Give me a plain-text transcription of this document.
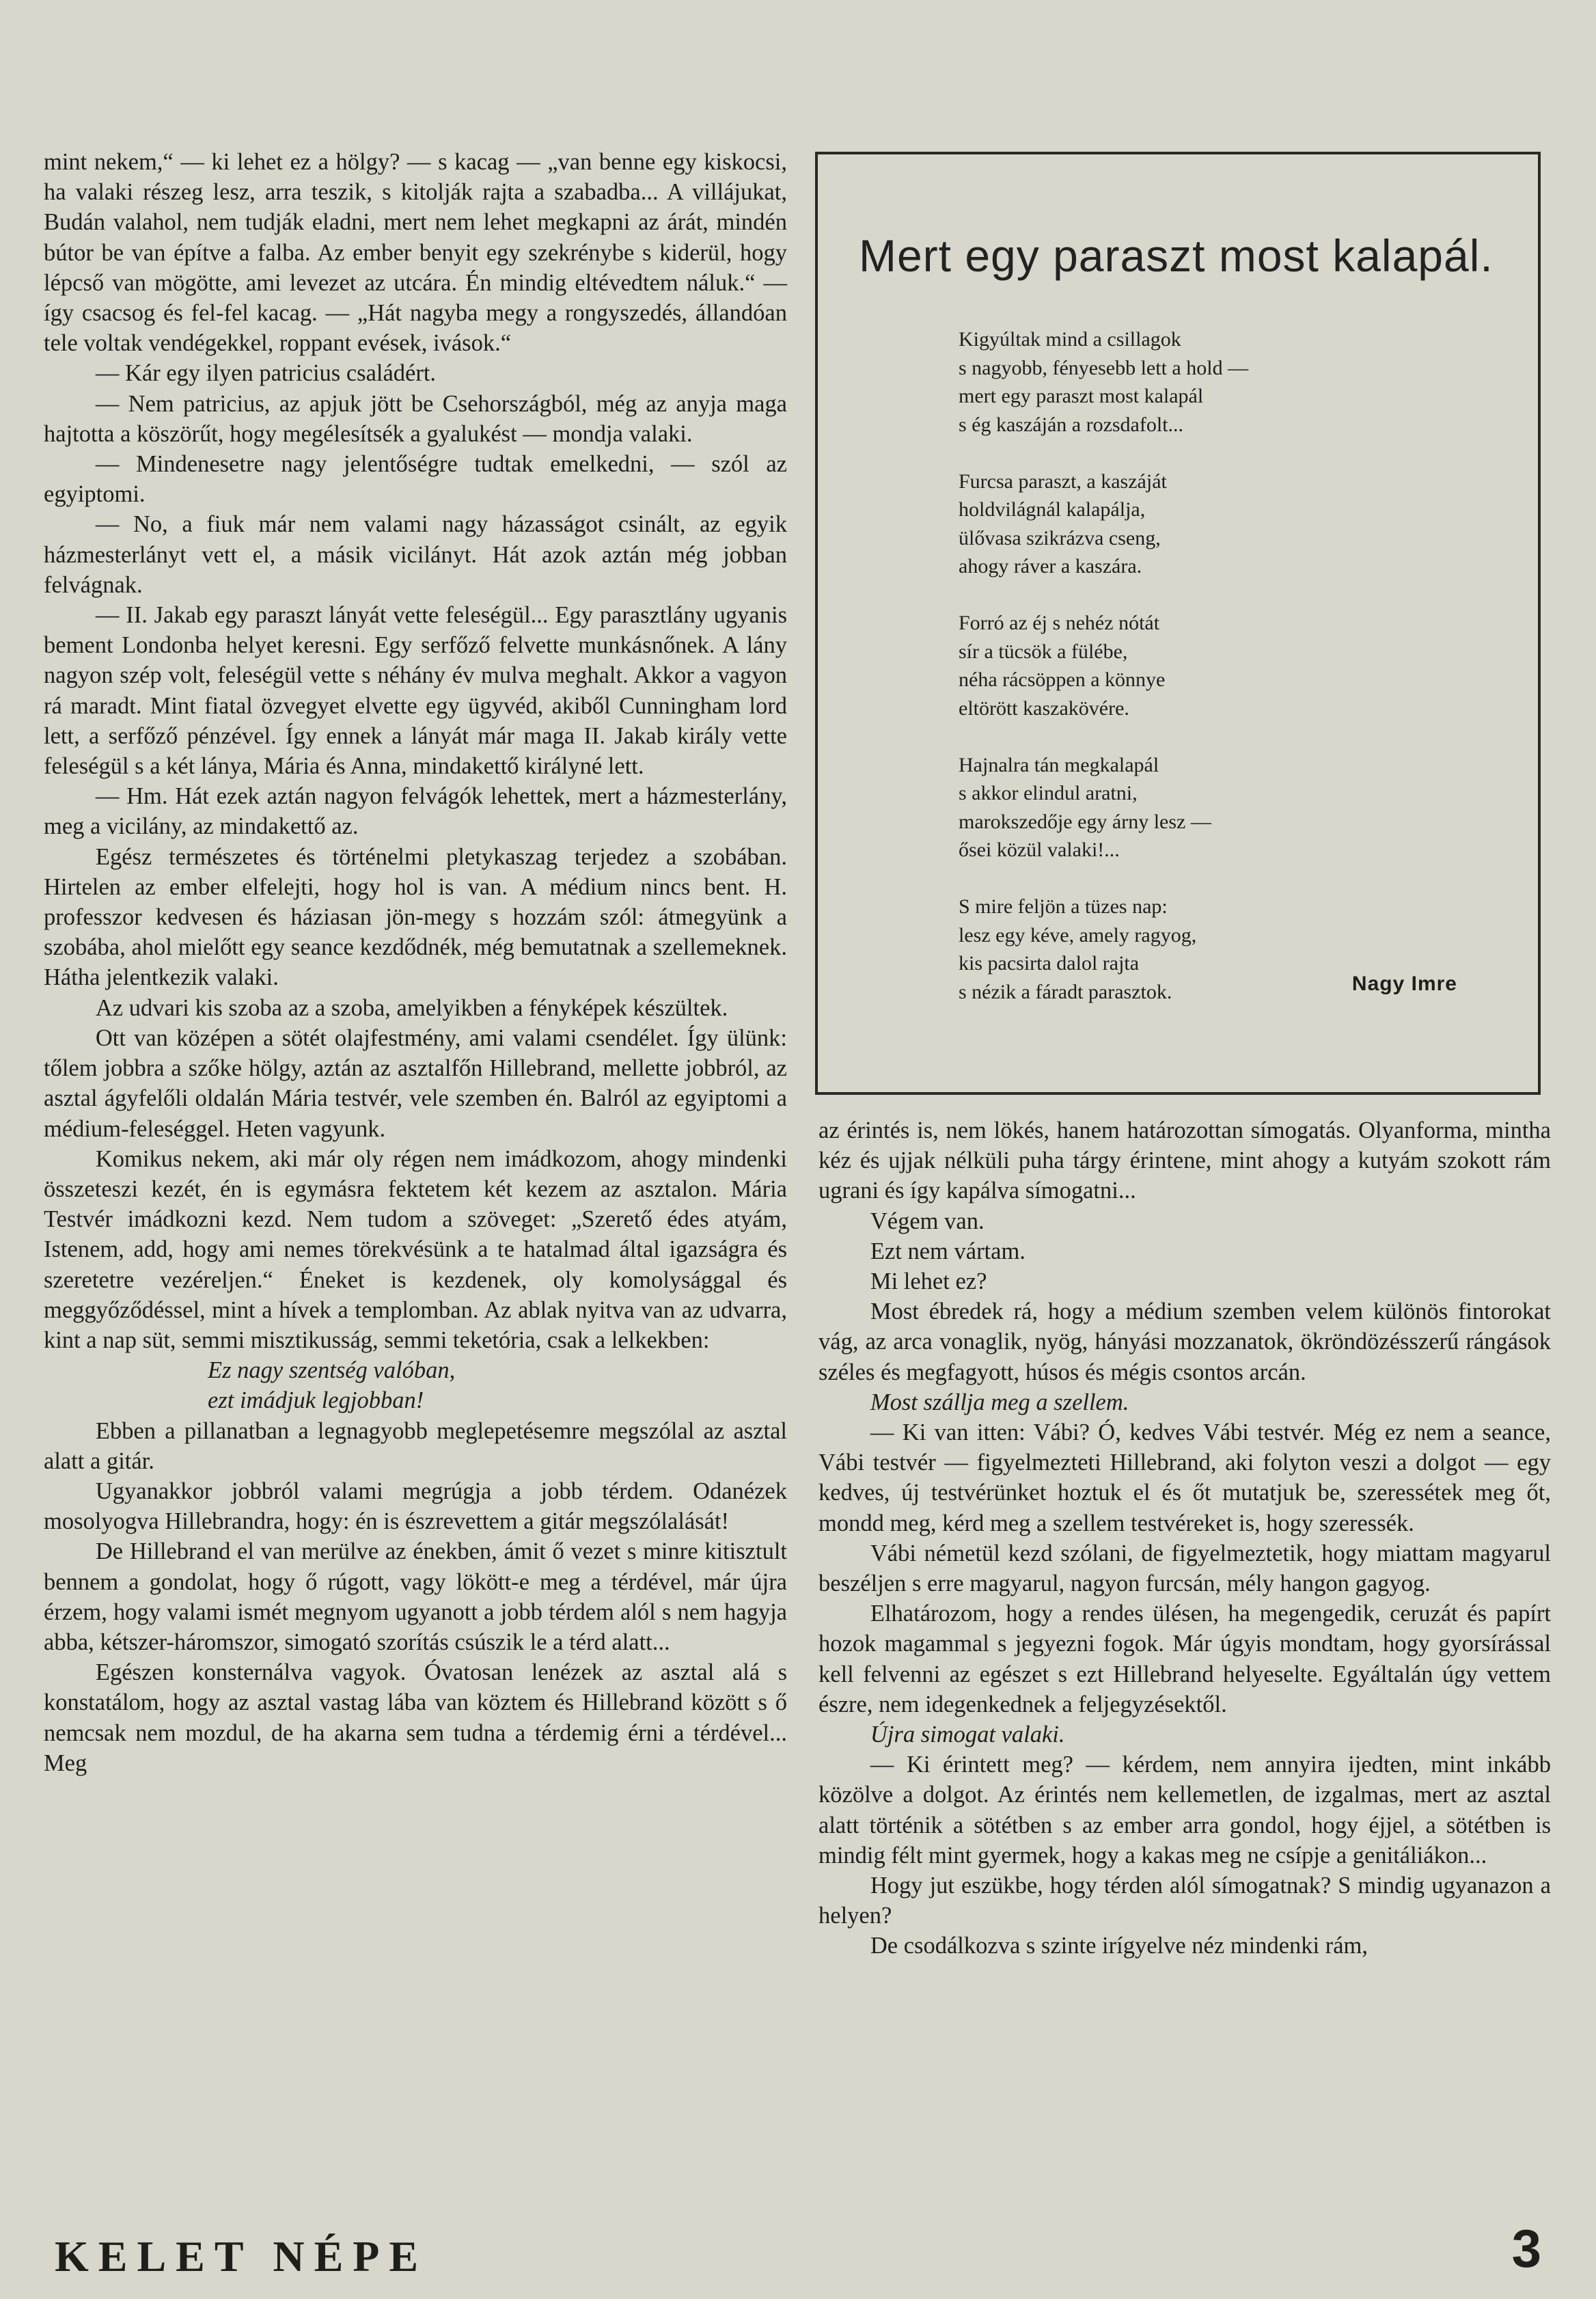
mint nekem,“ — ki lehet ez a hölgy? — s kacag — „van benne egy kiskocsi, ha valaki részeg lesz, arra teszik, s kitolják rajta a szabadba... A villájukat, Budán valahol, nem tudják eladni, mert nem lehet megkapni az árát, mindén bútor be van építve a falba. Az ember benyit egy szekrénybe s kiderül, hogy lépcső van mögötte, ami levezet az utcára. Én mindig eltévedtem náluk.“ — így csacsog és fel-fel kacag. — „Hát nagyba megy a rongyszedés, állandóan tele voltak vendégekkel, roppant evések, ivások.“

— Kár egy ilyen patricius családért.

— Nem patricius, az apjuk jött be Csehországból, még az anyja maga hajtotta a köszörűt, hogy megélesítsék a gyalukést — mondja valaki.

— Mindenesetre nagy jelentőségre tudtak emelkedni, — szól az egyiptomi.

— No, a fiuk már nem valami nagy házasságot csinált, az egyik házmesterlányt vett el, a másik vicilányt. Hát azok aztán még jobban felvágnak.

— II. Jakab egy paraszt lányát vette feleségül... Egy parasztlány ugyanis bement Londonba helyet keresni. Egy serfőző felvette munkásnőnek. A lány nagyon szép volt, feleségül vette s néhány év mulva meghalt. Akkor a vagyon rá maradt. Mint fiatal özvegyet elvette egy ügyvéd, akiből Cunningham lord lett, a serfőző pénzével. Így ennek a lányát már maga II. Jakab király vette feleségül s a két lánya, Mária és Anna, mindakettő királyné lett.

— Hm. Hát ezek aztán nagyon felvágók lehettek, mert a házmesterlány, meg a vicilány, az mindakettő az.

Egész természetes és történelmi pletykaszag terjedez a szobában. Hirtelen az ember elfelejti, hogy hol is van. A médium nincs bent. H. professzor kedvesen és háziasan jön-megy s hozzám szól: átmegyünk a szobába, ahol mielőtt egy seance kezdődnék, még bemutatnak a szellemeknek. Hátha jelentkezik valaki.

Az udvari kis szoba az a szoba, amelyikben a fényképek készültek.

Ott van középen a sötét olajfestmény, ami valami csendélet. Így ülünk: tőlem jobbra a szőke hölgy, aztán az asztalfőn Hillebrand, mellette jobbról, az asztal ágyfelőli oldalán Mária testvér, vele szemben én. Balról az egyiptomi a médium-feleséggel. Heten vagyunk.

Komikus nekem, aki már oly régen nem imádkozom, ahogy mindenki összeteszi kezét, én is egymásra fektetem két kezem az asztalon. Mária Testvér imádkozni kezd. Nem tudom a szöveget: „Szerető édes atyám, Istenem, add, hogy ami nemes törekvésünk a te hatalmad által igazságra és szeretetre vezéreljen.“ Éneket is kezdenek, oly komolysággal és meggyőződéssel, mint a hívek a templomban. Az ablak nyitva van az udvarra, kint a nap süt, semmi misztikusság, semmi teketória, csak a lelkekben:

Ez nagy szentség valóban,

ezt imádjuk legjobban!

Ebben a pillanatban a legnagyobb meglepetésemre megszólal az asztal alatt a gitár.

Ugyanakkor jobbról valami megrúgja a jobb térdem. Odanézek mosolyogva Hillebrandra, hogy: én is észrevettem a gitár megszólalását!

De Hillebrand el van merülve az énekben, ámit ő vezet s minre kitisztult bennem a gondolat, hogy ő rúgott, vagy lökött-e meg a térdével, már újra érzem, hogy valami ismét megnyom ugyanott a jobb térdem alól s nem hagyja abba, kétszer-háromszor, simogató szorítás csúszik le a térd alatt...

Egészen konsternálva vagyok. Óvatosan lenézek az asztal alá s konstatálom, hogy az asztal vastag lába van köztem és Hillebrand között s ő nemcsak nem mozdul, de ha akarna sem tudna a térdemig érni a térdével... Meg

Mert egy paraszt most kalapál.
Kigyúltak mind a csillagok
s nagyobb, fényesebb lett a hold —
mert egy paraszt most kalapál
s ég kaszáján a rozsdafolt...
Furcsa paraszt, a kaszáját
holdvilágnál kalapálja,
ülővasa szikrázva cseng,
ahogy ráver a kaszára.
Forró az éj s nehéz nótát
sír a tücsök a fülébe,
néha rácsöppen a könnye
eltörött kaszakövére.
Hajnalra tán megkalapál
s akkor elindul aratni,
marokszedője egy árny lesz —
ősei közül valaki!...
S mire feljön a tüzes nap:
lesz egy kéve, amely ragyog,
kis pacsirta dalol rajta
s nézik a fáradt parasztok.	Nagy Imre

az érintés is, nem lökés, hanem határozottan símogatás. Olyanforma, mintha kéz és ujjak nélküli puha tárgy érintene, mint ahogy a kutyám szokott rám ugrani és így kapálva símogatni...

Végem van.

Ezt nem vártam.

Mi lehet ez?

Most ébredek rá, hogy a médium szemben velem különös fintorokat vág, az arca vonaglik, nyög, hányási mozzanatok, ökröndözésszerű rángások széles és megfagyott, húsos és mégis csontos arcán.

Most szállja meg a szellem.

— Ki van itten: Vábi? Ó, kedves Vábi testvér. Még ez nem a seance, Vábi testvér — figyelmezteti Hillebrand, aki folyton veszi a dolgot — egy kedves, új testvérünket hoztuk el és őt mutatjuk be, szeressétek meg őt, mondd meg, kérd meg a szellem testvéreket is, hogy szeressék.

Vábi németül kezd szólani, de figyelmeztetik, hogy miattam magyarul beszéljen s erre magyarul, nagyon furcsán, mély hangon gagyog.

Elhatározom, hogy a rendes ülésen, ha megengedik, ceruzát és papírt hozok magammal s jegyezni fogok. Már úgyis mondtam, hogy gyorsírással kell felvenni az egészet s ezt Hillebrand helyeselte. Egyáltalán úgy vettem észre, nem idegenkednek a feljegyzésektől.

Újra simogat valaki.

— Ki érintett meg? — kérdem, nem annyira ijedten, mint inkább közölve a dolgot. Az érintés nem kellemetlen, de izgalmas, mert az asztal alatt történik a sötétben s az ember arra gondol, hogy éjjel, a sötétben is mindig félt mint gyermek, hogy a kakas meg ne csípje a genitáliákon...

Hogy jut eszükbe, hogy térden alól símogatnak? S mindig ugyanazon a helyen?

De csodálkozva s szinte irígyelve néz mindenki rám,

KELET NÉPE	3
